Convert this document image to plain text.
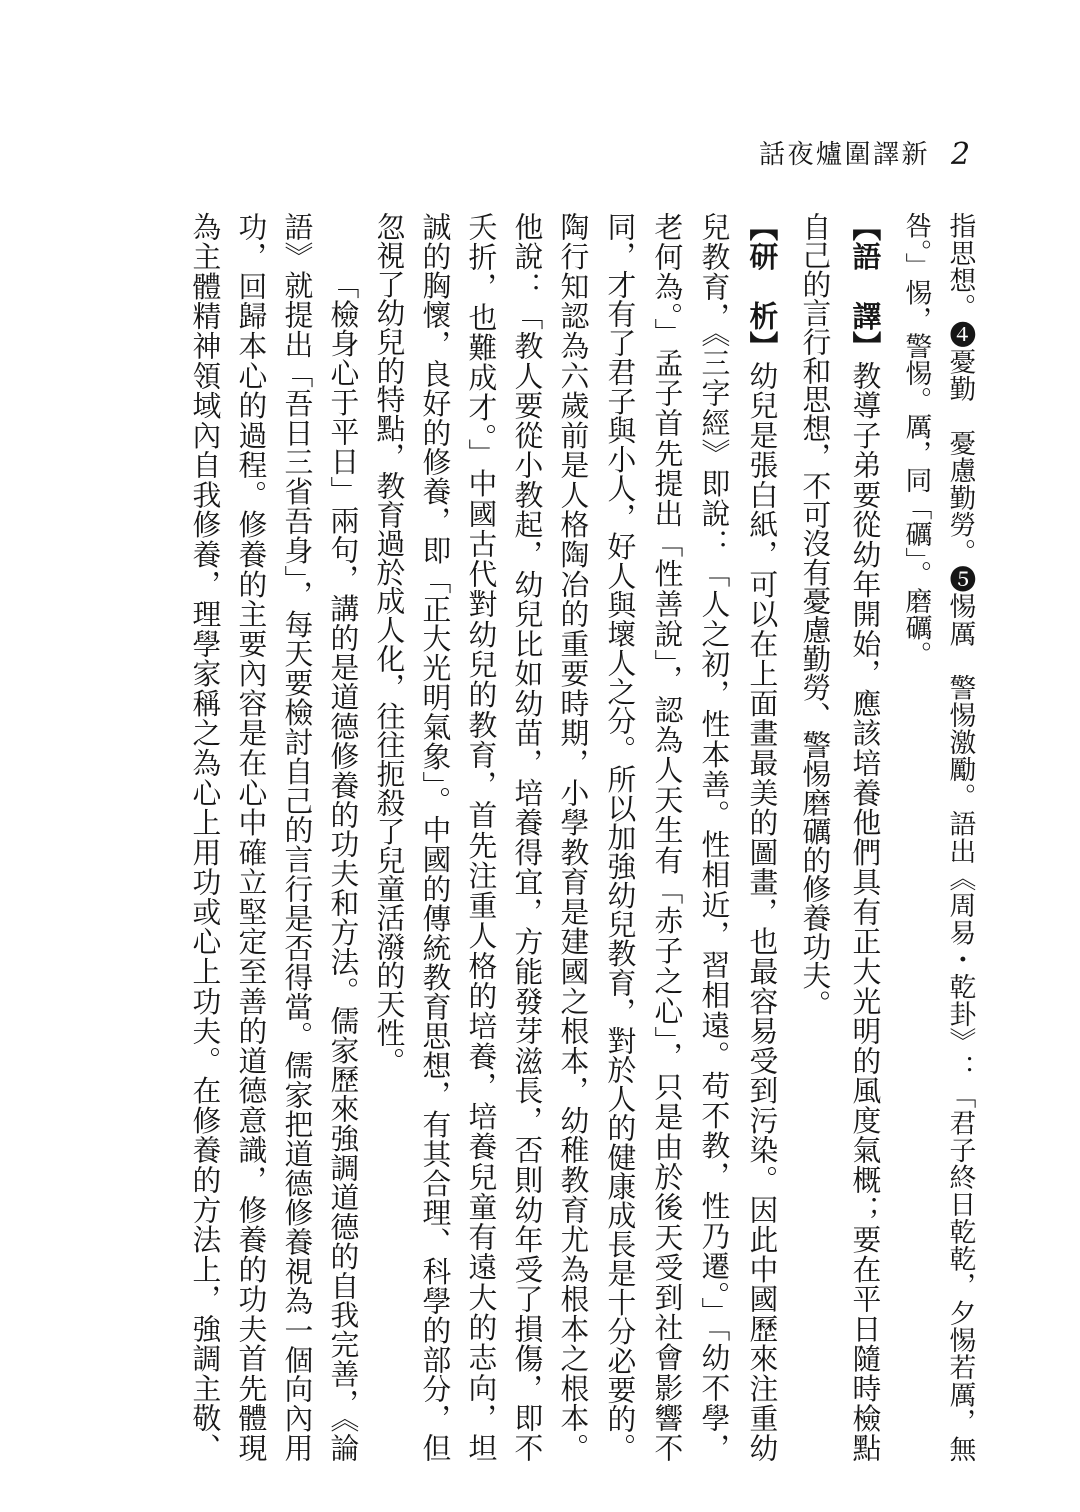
新譯圍爐夜話 2
指思想。❹憂勤　憂慮勤勞。❺惕厲　警惕激勵。語出《周易・乾卦》：「君子終日乾乾，夕惕若厲，無
咎。」惕，警惕。厲，同「礪」。磨礪。
【語　譯】教導子弟要從幼年開始，應該培養他們具有正大光明的風度氣概；要在平日隨時檢點
自己的言行和思想，不可沒有憂慮勤勞、警惕磨礪的修養功夫。
【研　析】幼兒是張白紙，可以在上面畫最美的圖畫，也最容易受到污染。因此中國歷來注重幼
兒教育，《三字經》即說：「人之初，性本善。性相近，習相遠。苟不教，性乃遷。」「幼不學，
老何為。」孟子首先提出「性善說」，認為人天生有「赤子之心」，只是由於後天受到社會影響不
同，才有了君子與小人，好人與壞人之分。所以加強幼兒教育，對於人的健康成長是十分必要的。
陶行知認為六歲前是人格陶冶的重要時期，小學教育是建國之根本，幼稚教育尤為根本之根本。
他說：「教人要從小教起，幼兒比如幼苗，培養得宜，方能發芽滋長，否則幼年受了損傷，即不
夭折，也難成才。」中國古代對幼兒的教育，首先注重人格的培養，培養兒童有遠大的志向，坦
誠的胸懷，良好的修養，即「正大光明氣象」。中國的傳統教育思想，有其合理、科學的部分，但
忽視了幼兒的特點，教育過於成人化，往往扼殺了兒童活潑的天性。
「檢身心于平日」兩句，講的是道德修養的功夫和方法。儒家歷來強調道德的自我完善，《論
語》就提出「吾日三省吾身」，每天要檢討自己的言行是否得當。儒家把道德修養視為一個向內用
功，回歸本心的過程。修養的主要內容是在心中確立堅定至善的道德意識，修養的功夫首先體現
為主體精神領域內自我修養，理學家稱之為心上用功或心上功夫。在修養的方法上，強調主敬、
